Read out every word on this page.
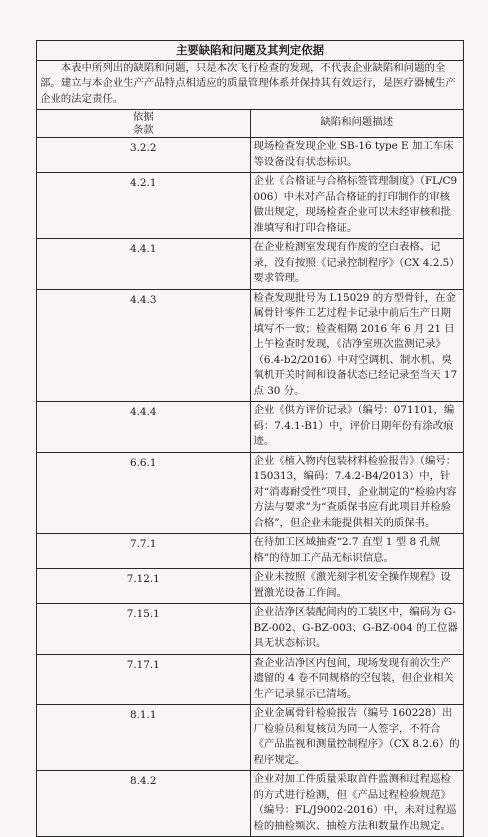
主要缺陷和问题及其判定依据	
本表中所列出的缺陷和问题，只是本次飞行检查的发现，不代表企业缺陷和问题的全部。建立与本企业生产产品特点相适应的质量管理体系并保持其有效运行，是医疗器械生产企业的法定责任。	

依据
条款	缺陷和问题描述
3.2.2	现场检查发现企业 SB-16 type E 加工车床等设备没有状态标识。
4.2.1	企业《合格证与合格标签管理制度》（FL/C9006）中未对产品合格证的打印制作的审核做出规定，现场检查企业可以未经审核和批准填写和打印合格证。
4.4.1	在企业检测室发现有作废的空白表格、记录，没有按照《记录控制程序》（CX 4.2.5）要求管理。
4.4.3	检查发现批号为 L15029 的方型骨针，在金属骨针零件工艺过程卡记录中前后生产日期填写不一致；检查相隔 2016 年 6 月 21 日上午检查时发现，《洁净室班次监测记录》（6.4-b2/2016）中对空调机、制水机、臭氧机开关时间和设备状态已经记录至当天 17 点 30 分。
4.4.4	企业《供方评价记录》（编号：071101，编码：7.4.1-B1）中，评价日期年份有涂改痕迹。
6.6.1	企业《植入物内包装材料检验报告》（编号：150313，编码：7.4.2-B4/2013）中，针对“消毒耐受性”项目，企业制定的“检验内容方法与要求”为“查质保书应有此项目并检验合格”，但企业未能提供相关的质保书。
7.7.1	在待加工区域抽查“2.7 直型 1 型 8 孔规格”的待加工产品无标识信息。
7.12.1	企业未按照《激光刻字机安全操作规程》设置激光设备工作间。
7.15.1	企业洁净区装配间内的工装区中，编码为 G-BZ-002、G-BZ-003、G-BZ-004 的工位器具无状态标识。
7.17.1	查企业洁净区内包间，现场发现有前次生产遗留的 4 卷不同规格的空包装，但企业相关生产记录显示已清场。
8.1.1	企业金属骨针检验报告（编号 160228）出厂检验员和复核员为同一人签字，不符合《产品监视和测量控制程序》（CX 8.2.6）的程序规定。
8.4.2	企业对加工件质量采取首件监测和过程巡检的方式进行检测，但《产品过程检验规范》（编号：FL/J9002-2016）中，未对过程巡检的抽检频次、抽检方法和数量作出规定。
